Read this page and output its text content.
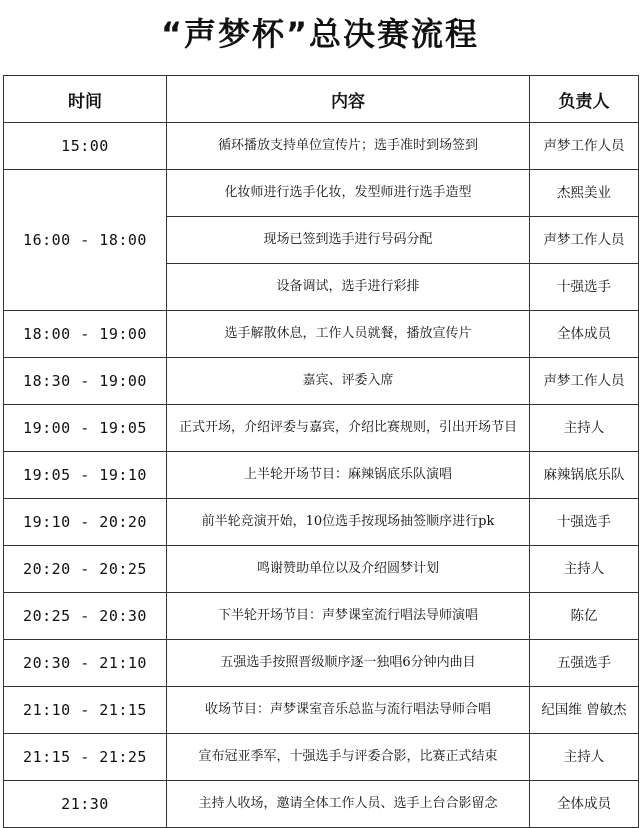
“声梦杯”总决赛流程
时间	内容	负责人
15:00	循环播放支持单位宣传片；选手准时到场签到	声梦工作人员
16:00 - 18:00	化妆师进行选手化妆，发型师进行选手造型	杰熙美业
	现场已签到选手进行号码分配	声梦工作人员
	设备调试，选手进行彩排	十强选手
18:00 - 19:00	选手解散休息，工作人员就餐，播放宣传片	全体成员
18:30 - 19:00	嘉宾、评委入席	声梦工作人员
19:00 - 19:05	正式开场，介绍评委与嘉宾，介绍比赛规则，引出开场节目	主持人
19:05 - 19:10	上半轮开场节目：麻辣锅底乐队演唱	麻辣锅底乐队
19:10 - 20:20	前半轮竞演开始，10位选手按现场抽签顺序进行pk	十强选手
20:20 - 20:25	鸣谢赞助单位以及介绍圆梦计划	主持人
20:25 - 20:30	下半轮开场节目：声梦课室流行唱法导师演唱	陈亿
20:30 - 21:10	五强选手按照晋级顺序逐一独唱6分钟内曲目	五强选手
21:10 - 21:15	收场节目：声梦课室音乐总监与流行唱法导师合唱	纪国维 曾敏杰
21:15 - 21:25	宣布冠亚季军，十强选手与评委合影，比赛正式结束	主持人
21:30	主持人收场，邀请全体工作人员、选手上台合影留念	全体成员
